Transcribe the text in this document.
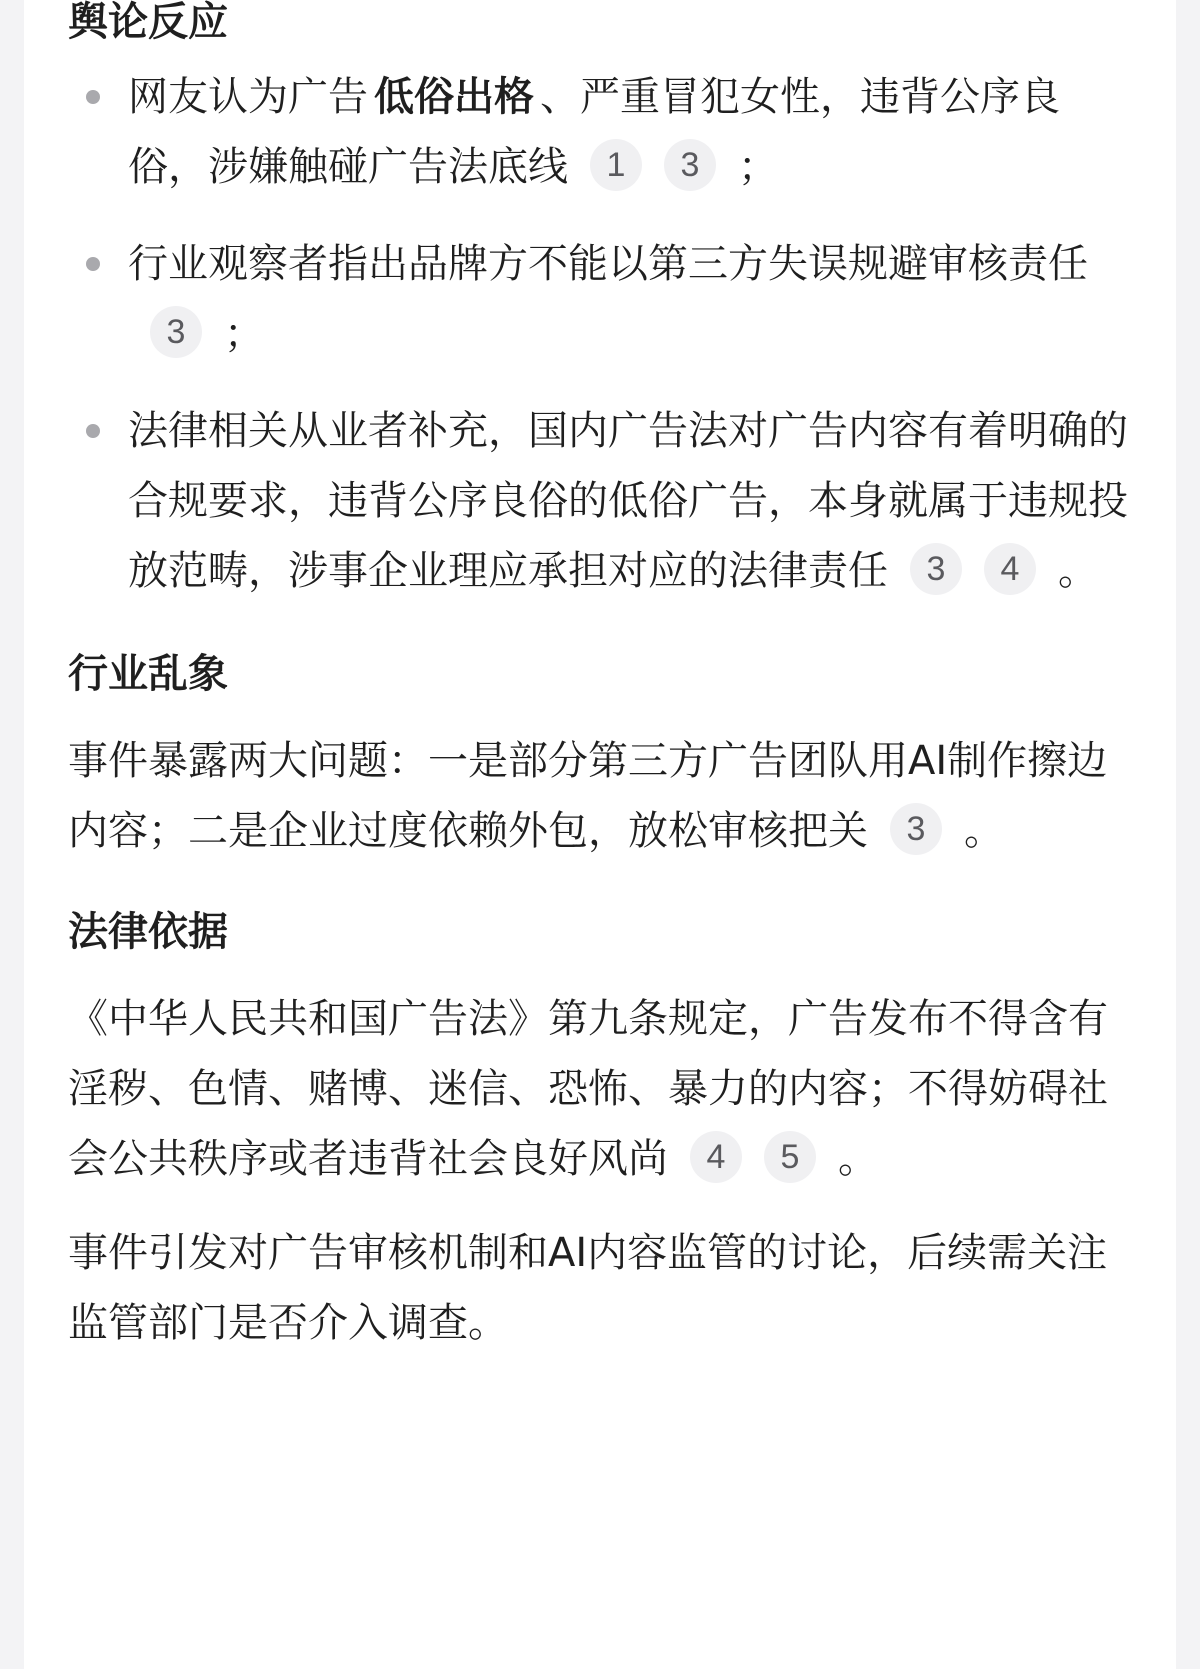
舆论反应
网友认为广告 低俗出格 、严重冒犯女性，违背公序良俗，涉嫌触碰广告法底线 1 3 ；
行业观察者指出品牌方不能以第三方失误规避审核责任3 ；
法律相关从业者补充，国内广告法对广告内容有着明确的合规要求，违背公序良俗的低俗广告，本身就属于违规投放范畴，涉事企业理应承担对应的法律责任 3 4 。
行业乱象

事件暴露两大问题：一是部分第三方广告团队用AI制作擦边内容；二是企业过度依赖外包，放松审核把关 3 。

法律依据

《中华人民共和国广告法》第九条规定，广告发布不得含有淫秽、色情、赌博、迷信、恐怖、暴力的内容；不得妨碍社会公共秩序或者违背社会良好风尚 4 5 。

事件引发对广告审核机制和AI内容监管的讨论，后续需关注监管部门是否介入调查。
